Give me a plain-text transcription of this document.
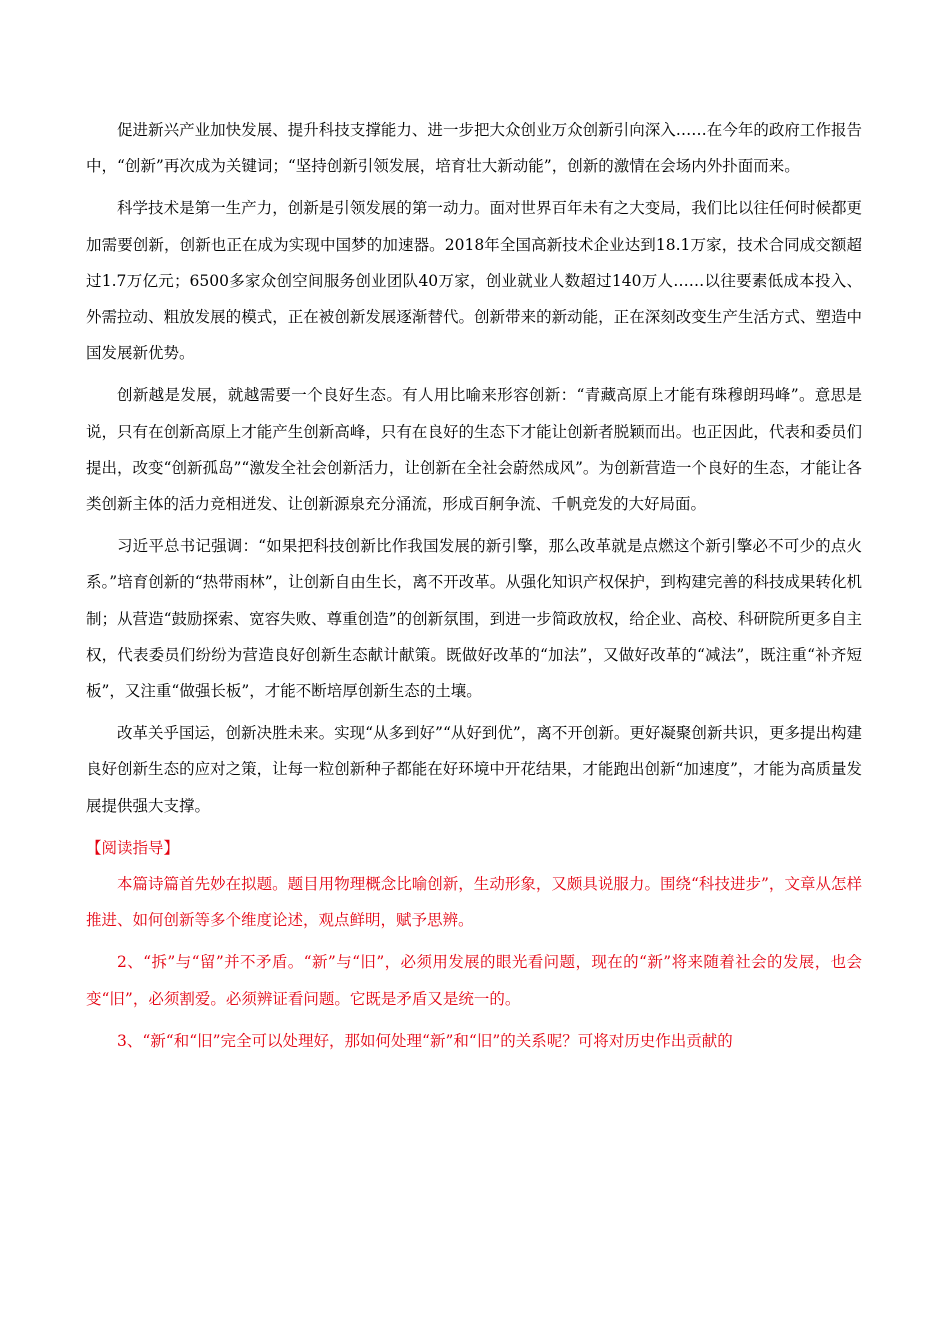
促进新兴产业加快发展、提升科技支撑能力、进一步把大众创业万众创新引向深入……在今年的政府工作报告中，“创新”再次成为关键词；“坚持创新引领发展，培育壮大新动能”，创新的激情在会场内外扑面而来。

科学技术是第一生产力，创新是引领发展的第一动力。面对世界百年未有之大变局，我们比以往任何时候都更加需要创新，创新也正在成为实现中国梦的加速器。2018年全国高新技术企业达到18.1万家，技术合同成交额超过1.7万亿元；6500多家众创空间服务创业团队40万家，创业就业人数超过140万人……以往要素低成本投入、外需拉动、粗放发展的模式，正在被创新发展逐渐替代。创新带来的新动能，正在深刻改变生产生活方式、塑造中国发展新优势。

创新越是发展，就越需要一个良好生态。有人用比喻来形容创新：“青藏高原上才能有珠穆朗玛峰”。意思是说，只有在创新高原上才能产生创新高峰，只有在良好的生态下才能让创新者脱颖而出。也正因此，代表和委员们提出，改变“创新孤岛”“激发全社会创新活力，让创新在全社会蔚然成风”。为创新营造一个良好的生态，才能让各类创新主体的活力竞相迸发、让创新源泉充分涌流，形成百舸争流、千帆竞发的大好局面。

习近平总书记强调：“如果把科技创新比作我国发展的新引擎，那么改革就是点燃这个新引擎必不可少的点火系。”培育创新的“热带雨林”，让创新自由生长，离不开改革。从强化知识产权保护，到构建完善的科技成果转化机制；从营造“鼓励探索、宽容失败、尊重创造”的创新氛围，到进一步简政放权，给企业、高校、科研院所更多自主权，代表委员们纷纷为营造良好创新生态献计献策。既做好改革的“加法”，又做好改革的“减法”，既注重“补齐短板”，又注重“做强长板”，才能不断培厚创新生态的土壤。

改革关乎国运，创新决胜未来。实现“从多到好”“从好到优”，离不开创新。更好凝聚创新共识，更多提出构建良好创新生态的应对之策，让每一粒创新种子都能在好环境中开花结果，才能跑出创新“加速度”，才能为高质量发展提供强大支撑。

【阅读指导】

本篇诗篇首先妙在拟题。题目用物理概念比喻创新，生动形象，又颇具说服力。围绕“科技进步”，文章从怎样推进、如何创新等多个维度论述，观点鲜明，赋予思辨。

2、“拆”与“留”并不矛盾。“新”与“旧”，必须用发展的眼光看问题，现在的“新”将来随着社会的发展，也会变“旧”，必须割爱。必须辨证看问题。它既是矛盾又是统一的。

3、“新“和“旧”完全可以处理好，那如何处理“新”和“旧”的关系呢？可将对历史作出贡献的
